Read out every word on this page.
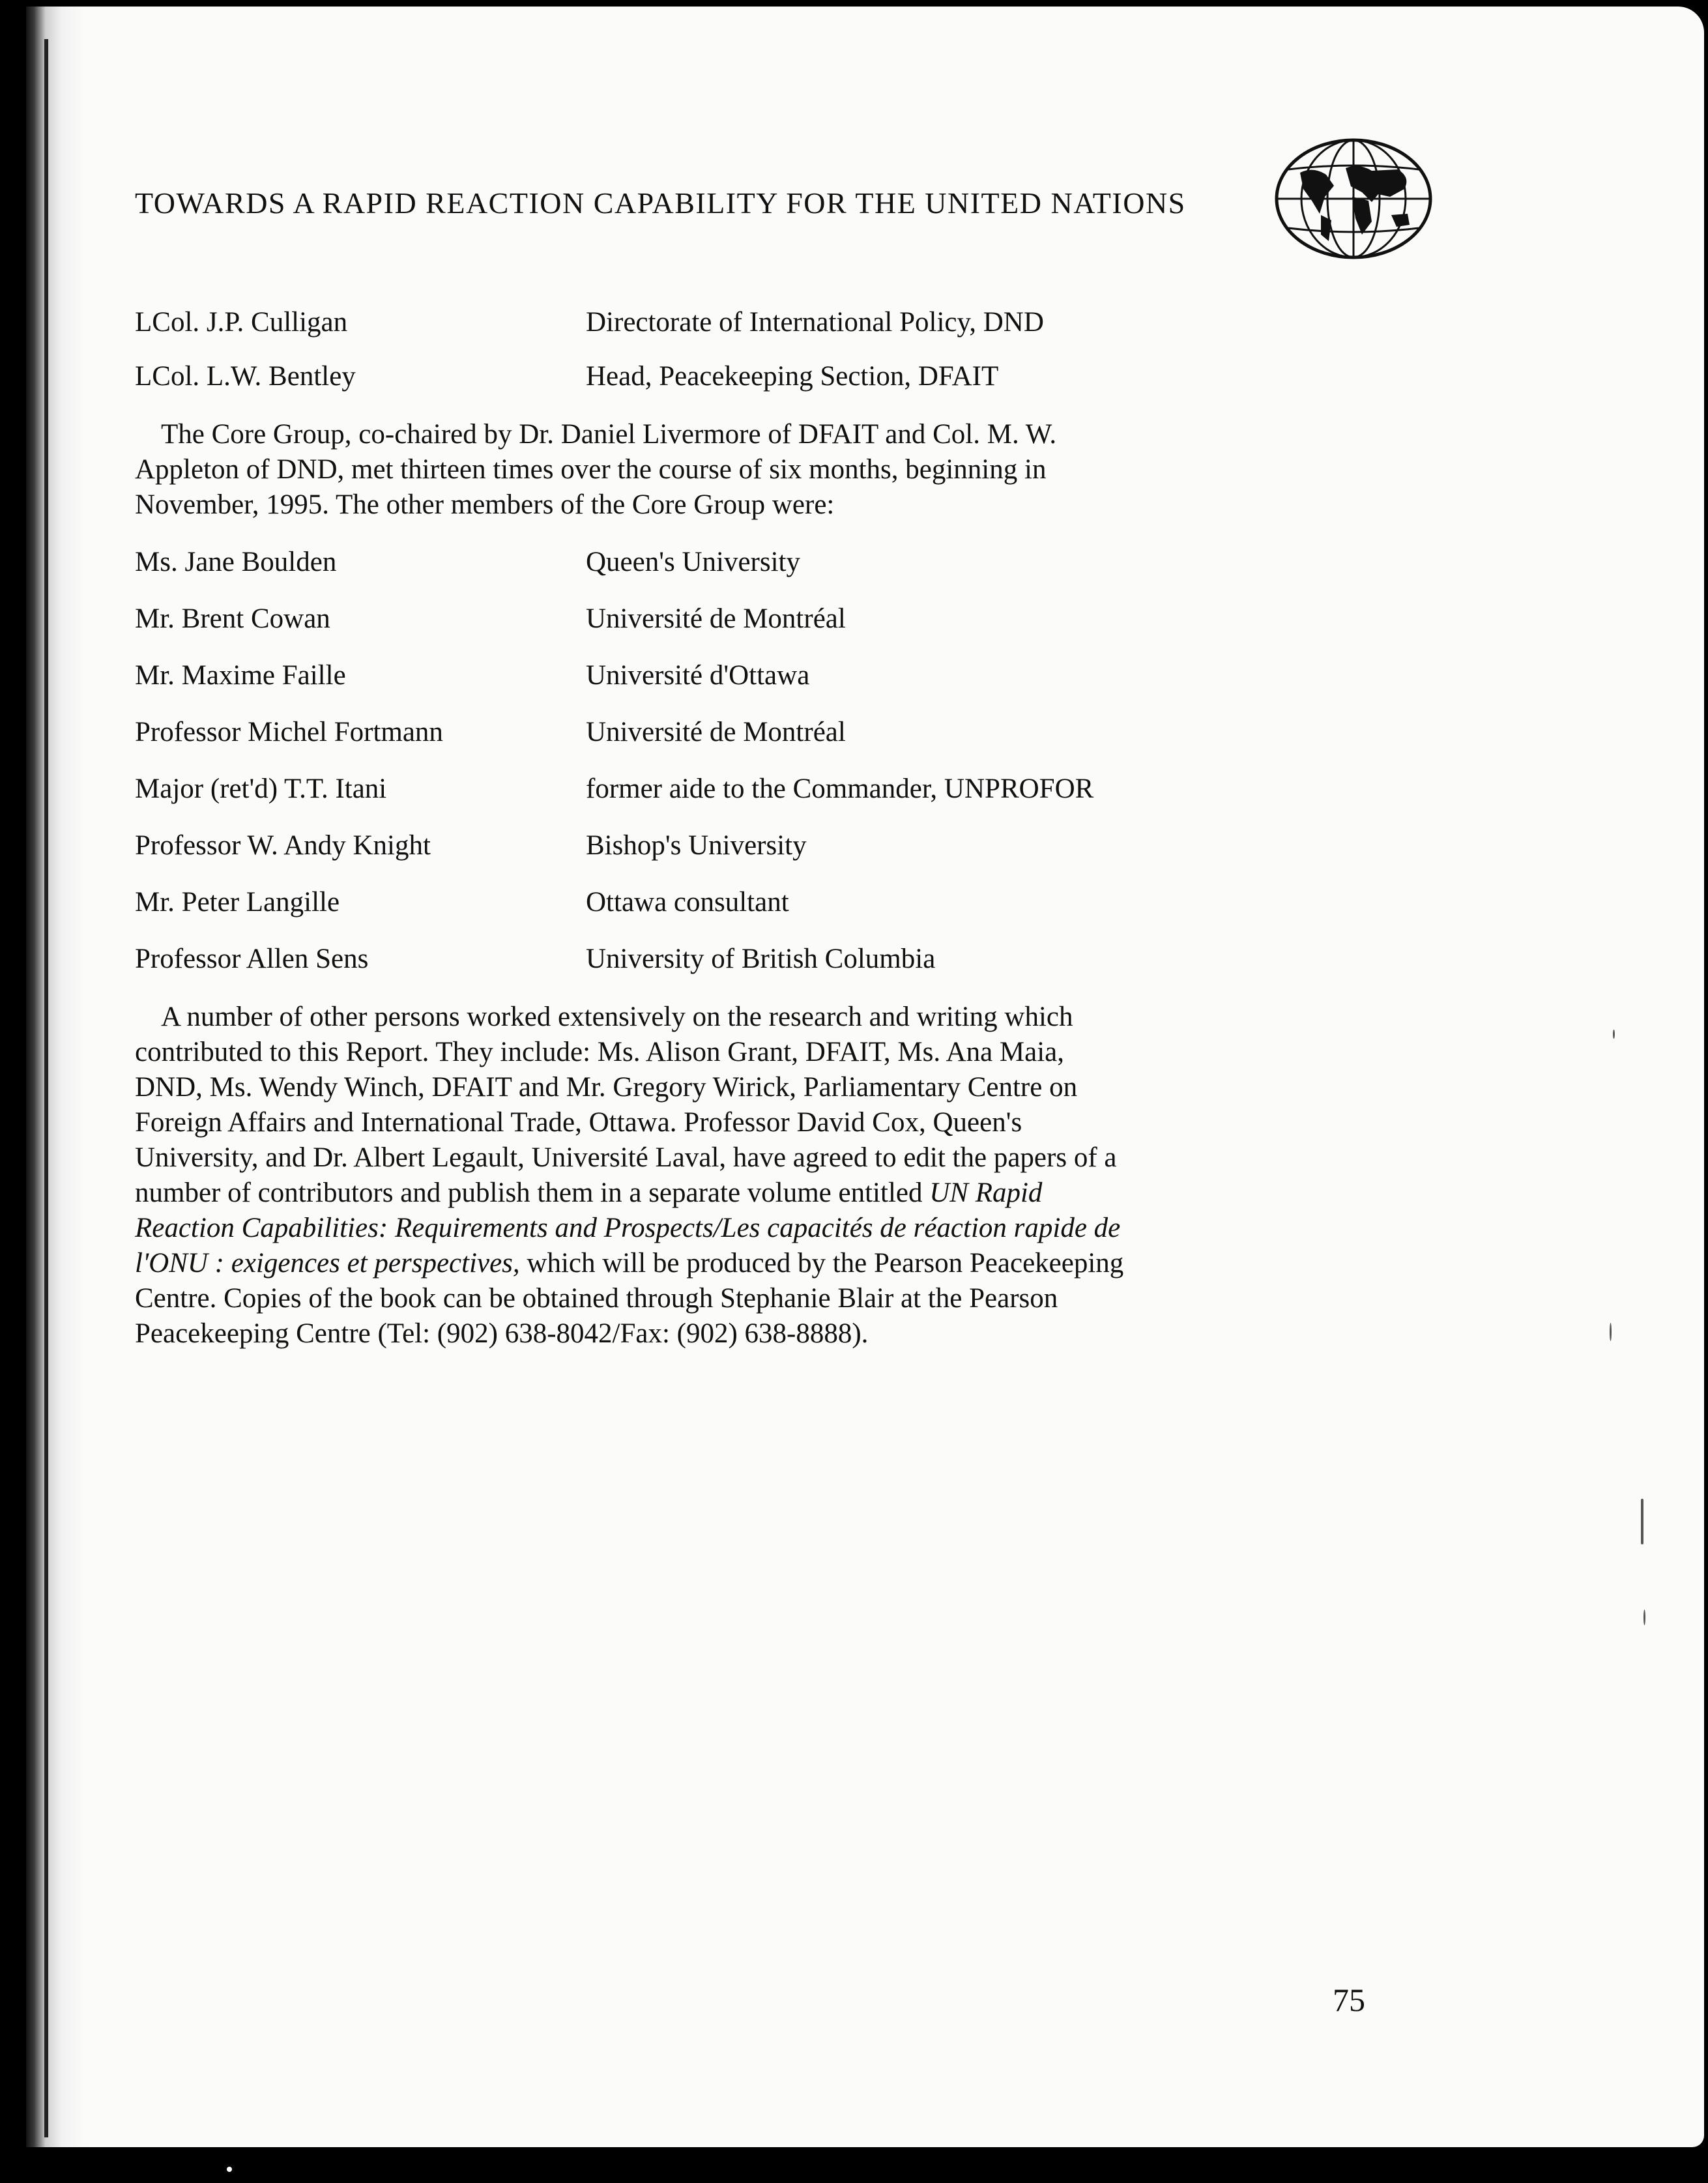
TOWARDS A RAPID REACTION CAPABILITY FOR THE UNITED NATIONS
LCol. J.P. Culligan	Directorate of International Policy, DND
LCol. L.W. Bentley	Head, Peacekeeping Section, DFAIT
The Core Group, co-chaired by Dr. Daniel Livermore of DFAIT and Col. M. W.
Appleton of DND, met thirteen times over the course of six months, beginning in
November, 1995. The other members of the Core Group were:
Ms. Jane Boulden	Queen's University
Mr. Brent Cowan	Université de Montréal
Mr. Maxime Faille	Université d'Ottawa
Professor Michel Fortmann	Université de Montréal
Major (ret'd) T.T. Itani	former aide to the Commander, UNPROFOR
Professor W. Andy Knight	Bishop's University
Mr. Peter Langille	Ottawa consultant
Professor Allen Sens	University of British Columbia
A number of other persons worked extensively on the research and writing which
contributed to this Report. They include: Ms. Alison Grant, DFAIT, Ms. Ana Maia,
DND, Ms. Wendy Winch, DFAIT and Mr. Gregory Wirick, Parliamentary Centre on
Foreign Affairs and International Trade, Ottawa. Professor David Cox, Queen's
University, and Dr. Albert Legault, Université Laval, have agreed to edit the papers of a
number of contributors and publish them in a separate volume entitled UN Rapid
Reaction Capabilities: Requirements and Prospects/Les capacités de réaction rapide de
l'ONU : exigences et perspectives, which will be produced by the Pearson Peacekeeping
Centre. Copies of the book can be obtained through Stephanie Blair at the Pearson
Peacekeeping Centre (Tel: (902) 638-8042/Fax: (902) 638-8888).
75
